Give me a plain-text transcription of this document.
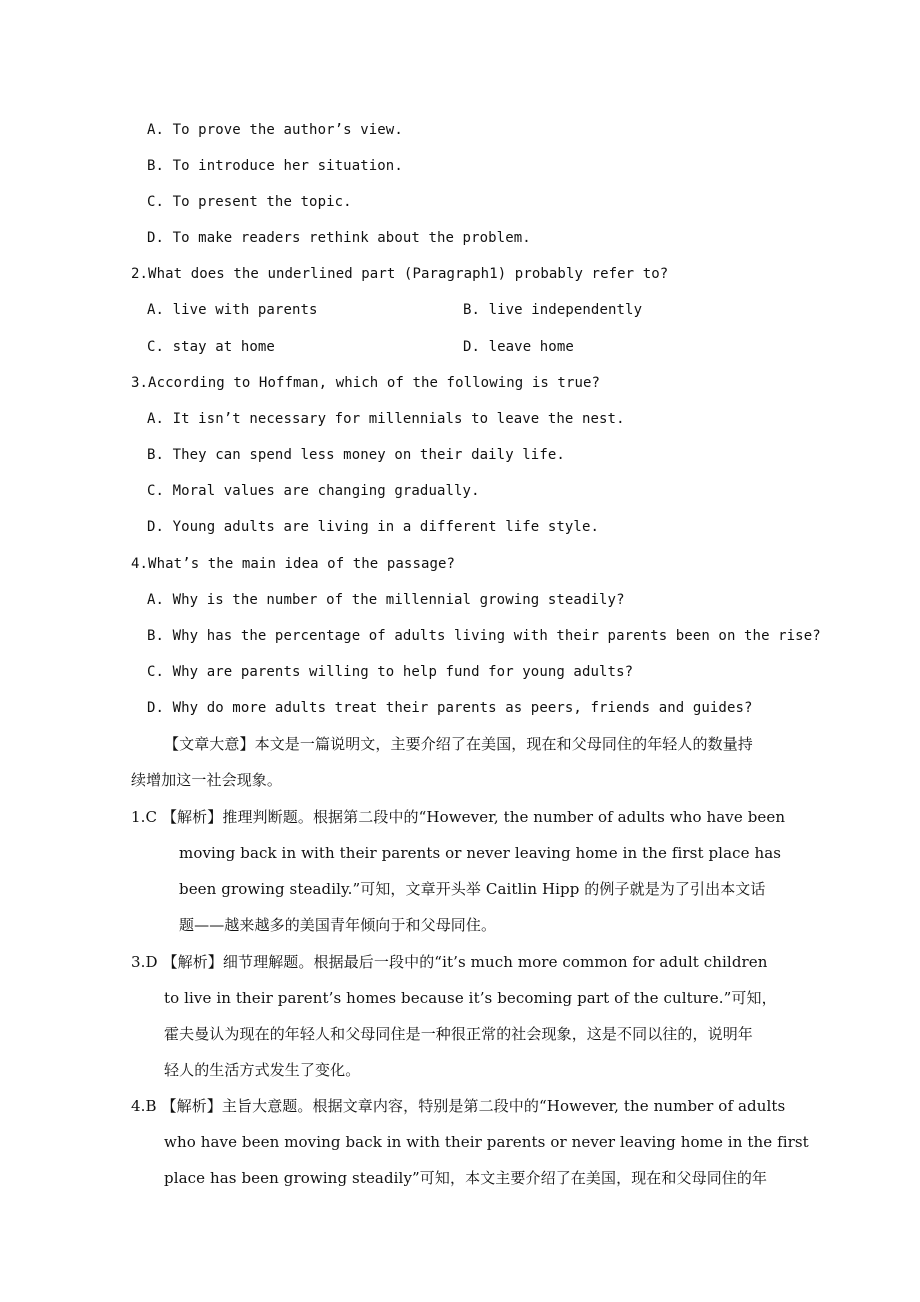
A. To prove the author’s view.
B. To introduce her situation.
C. To present the topic.
D. To make readers rethink about the problem.
2.What does the underlined part (Paragraph1) probably refer to?
A. live with parents	B. live independently
C. stay at home	D. leave home
3.According to Hoffman, which of the following is true?
A. It isn’t necessary for millennials to leave the nest.
B. They can spend less money on their daily life.
C. Moral values are changing gradually.
D. Young adults are living in a different life style.
4.What’s the main idea of the passage?
A. Why is the number of the millennial growing steadily?
B. Why has the percentage of adults living with their parents been on the rise?
C. Why are parents willing to help fund for young adults?
D. Why do more adults treat their parents as peers, friends and guides?
【文章大意】本文是一篇说明文，主要介绍了在美国，现在和父母同住的年轻人的数量持
续增加这一社会现象。
1.C 【解析】推理判断题。根据第二段中的“However, the number of adults who have been
moving back in with their parents or never leaving home in the first place has
been growing steadily.”可知，文章开头举 Caitlin Hipp 的例子就是为了引出本文话
题——越来越多的美国青年倾向于和父母同住。
3.D 【解析】细节理解题。根据最后一段中的“it’s much more common for adult children
to live in their parent’s homes because it’s becoming part of the culture.”可知，
霍夫曼认为现在的年轻人和父母同住是一种很正常的社会现象，这是不同以往的，说明年
轻人的生活方式发生了变化。
4.B 【解析】主旨大意题。根据文章内容，特别是第二段中的“However, the number of adults
who have been moving back in with their parents or never leaving home in the first
place has been growing steadily”可知，本文主要介绍了在美国，现在和父母同住的年
